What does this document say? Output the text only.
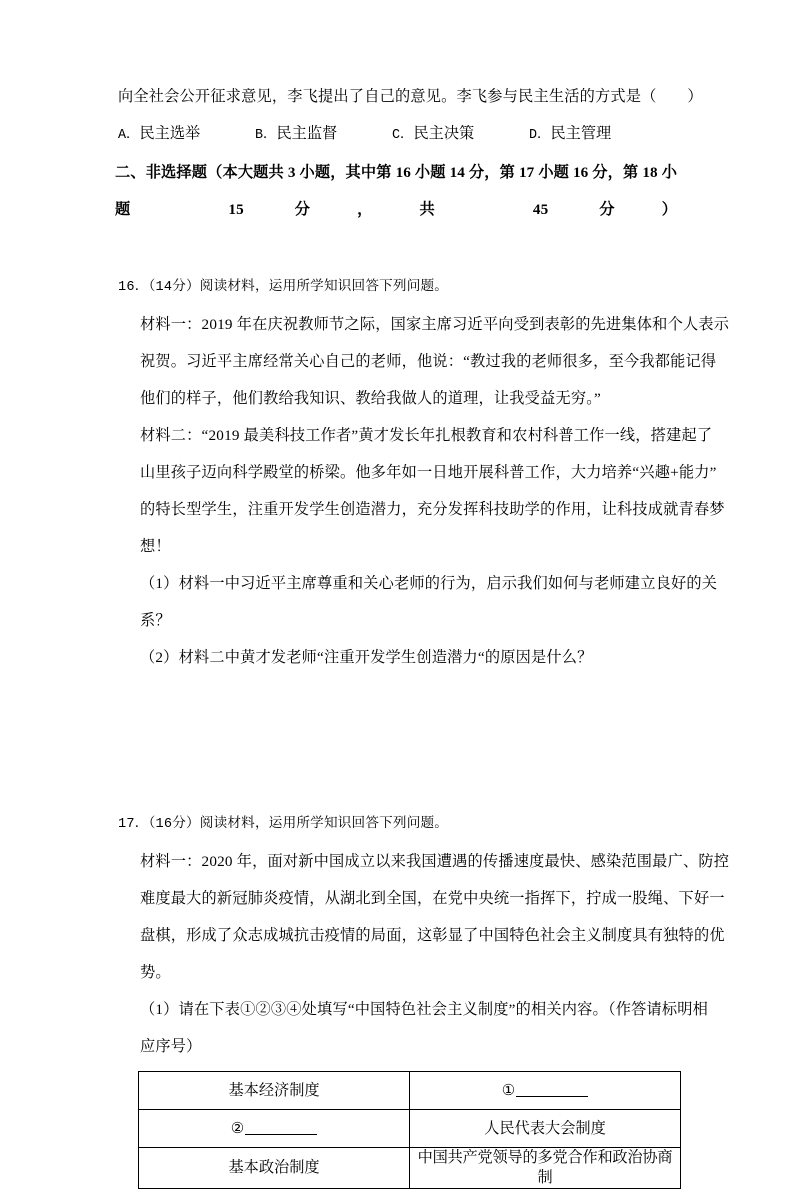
向全社会公开征求意见，李飞提出了自己的意见。李飞参与民主生活的方式是（　　）
A．民主选举	B．民主监督	C．民主决策	D．民主管理
二、非选择题（本大题共 3 小题，其中第 16 小题 14 分，第 17 小题 16 分，第 18 小题 15 分，共 45 分）
16．（14分）阅读材料，运用所学知识回答下列问题。
材料一：2019 年在庆祝教师节之际，国家主席习近平向受到表彰的先进集体和个人表示
祝贺。习近平主席经常关心自己的老师，他说：“教过我的老师很多，至今我都能记得
他们的样子，他们教给我知识、教给我做人的道理，让我受益无穷。”
材料二：“2019 最美科技工作者”黄才发长年扎根教育和农村科普工作一线，搭建起了
山里孩子迈向科学殿堂的桥梁。他多年如一日地开展科普工作，大力培养“兴趣+能力”
的特长型学生，注重开发学生创造潜力，充分发挥科技助学的作用，让科技成就青春梦
想！
（1）材料一中习近平主席尊重和关心老师的行为，启示我们如何与老师建立良好的关
系？
（2）材料二中黄才发老师“注重开发学生创造潜力“的原因是什么？
17．（16分）阅读材料，运用所学知识回答下列问题。
材料一：2020 年，面对新中国成立以来我国遭遇的传播速度最快、感染范围最广、防控
难度最大的新冠肺炎疫情，从湖北到全国，在党中央统一指挥下，拧成一股绳、下好一
盘棋，形成了众志成城抗击疫情的局面，这彰显了中国特色社会主义制度具有独特的优
势。
（1）请在下表①②③④处填写“中国特色社会主义制度”的相关内容。（作答请标明相
应序号）
基本经济制度	①
②	人民代表大会制度
基本政治制度	中国共产党领导的多党合作和政治协商制
